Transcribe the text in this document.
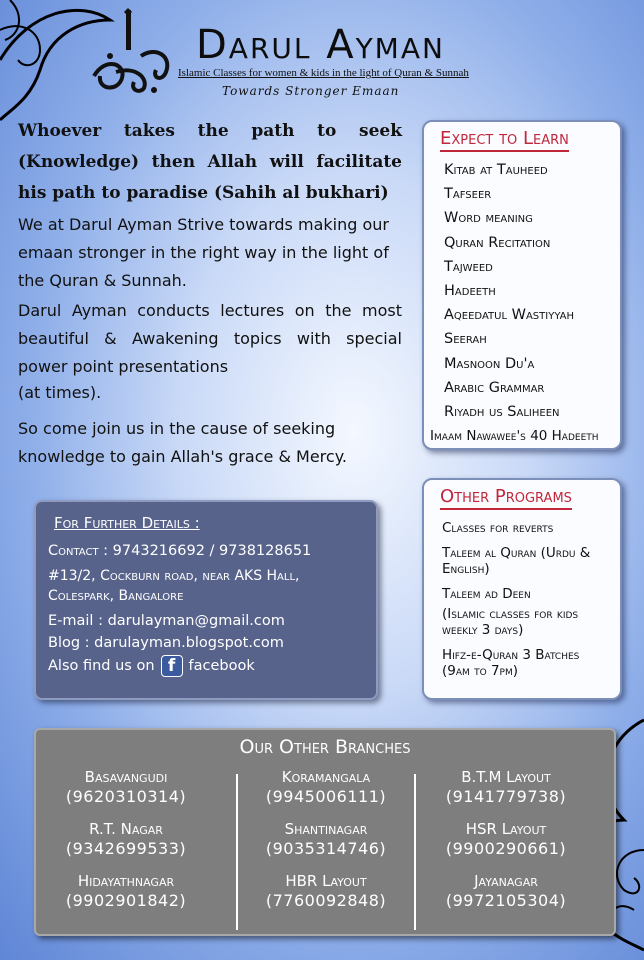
Darul Ayman
Islamic Classes for women & kids in the light of Quran & Sunnah
Towards Stronger Emaan

Whoever takes the path to seek (Knowledge) then Allah will facilitate his path to paradise (Sahih al bukhari)

We at Darul Ayman Strive towards making our emaan stronger in the right way in the light of the Quran & Sunnah.

Darul Ayman conducts lectures on the most beautiful & Awakening topics with special power point presentations

(at times).

So come join us in the cause of seeking knowledge to gain Allah's grace & Mercy.

Expect to Learn
Kitab at Tauheed
Tafseer
Word meaning
Quran Recitation
Tajweed
Hadeeth
Aqeedatul Wastiyyah
Seerah
Masnoon Du'a
Arabic Grammar
Riyadh us Saliheen
Imaam Nawawee's 40 Hadeeth
Other Programs
Classes for reverts
Taleem al Quran (Urdu & English)
Taleem ad Deen
(Islamic classes for kids weekly 3 days)
Hifz-e-Quran 3 Batches (9am to 7pm)
For Further Details :
Contact : 9743216692 / 9738128651
#13/2, Cockburn road, near AKS Hall, Colespark, Bangalore
E-mail : darulayman@gmail.com
Blog : darulayman.blogspot.com
Also find us on f facebook
Our Other Branches
Basavangudi
(9620310314)
R.T. Nagar
(9342699533)
Hidayathnagar
(9902901842)
Koramangala
(9945006111)
Shantinagar
(9035314746)
HBR Layout
(7760092848)
B.T.M Layout
(9141779738)
HSR Layout
(9900290661)
Jayanagar
(9972105304)
